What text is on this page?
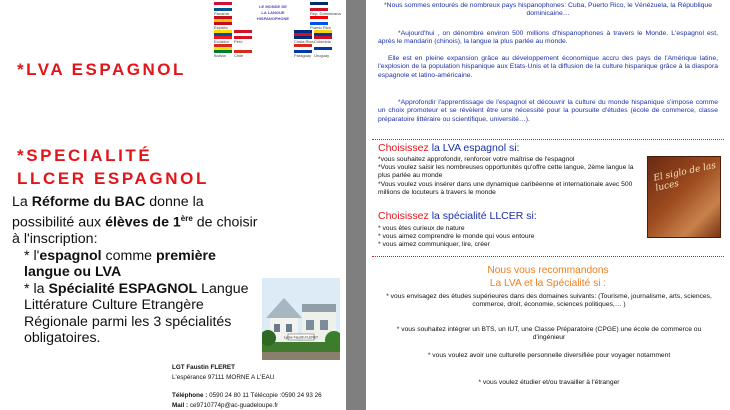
LE MONDE DE LA LANGUE HISPANOPHONE
Panamá
España
Rep. Dominicana
Puerto Rico
Ecuador Perú	Costa Rica Colombia
Bolivia Chile	Paraguay Uruguay
*LVA ESPAGNOL
*SPECIALITÉ
LLCER ESPAGNOL

La Réforme du BAC donne la possibilité aux élèves de 1ère de choisir à l'inscription:

* l'espagnol comme première langue ou LVA

* la Spécialité ESPAGNOL Langue Littérature Culture Etrangère Régionale parmi les 3 spécialités obligatoires.	Lycée Faustin FLERET
LGT Faustin FLERET
L'espérance 97111 MORNE A L'EAU
Téléphone : 0590 24 80 11 Télécopie :0590 24 93 26
Mail : ce9710774p@ac-guadeloupe.fr
*Nous sommes entourés de nombreux pays hispanophones: Cuba, Puerto Rico, le Vénézuela, la République dominicaine…
*Aujourd'hui , on dénombre environ 500 millions d'hispanophones à travers le Monde. L'espagnol est, après le mandarin (chinois), la langue la plus parlée au monde.
Elle est en pleine expansion grâce au développement économique accru des pays de l'Amérique latine, l'explosion de la population hispanique aux Etats-Unis et la diffusion de la culture hispanique grâce à la diaspora espagnole et latino-américaine.
*Approfondir l'apprentissage de l'espagnol et découvrir la culture du monde hispanique s'impose comme un choix promoteur et se révèlent être une nécessité pour la poursuite d'études (école de commerce, classe préparatoire littéraire ou scientifique, université…).
Choisissez la LVA espagnol si:
*vous souhaitez approfondir, renforcer votre maîtrise de l'espagnol
*Vous voulez saisir les nombreuses opportunités qu'offre cette langue, 2ème langue la plus parlée au monde
*Vous voulez vous insérer dans une dynamique caribéenne et internationale avec 500 millions de locuteurs à travers le monde
El siglo de las luces
Choisissez la spécialité LLCER si:
* vous êtes curieux de nature
* vous aimez comprendre le monde qui vous entoure
* vous aimez communiquer, lire, créer
Nous vous recommandons
La LVA et la Spécialité si :
* vous envisagez des études supérieures dans des domaines suivants: (Tourisme, journalisme, arts, sciences, commerce, droit, économie, sciences politiques,… )
* vous souhaitez intégrer un BTS, un IUT, une Classe Préparatoire (CPGE) une école de commerce ou d'ingénieur
* vous voulez avoir une culturelle personnelle diversifiée pour voyager notamment
* vous voulez étudier et/ou travailler à l'étranger
